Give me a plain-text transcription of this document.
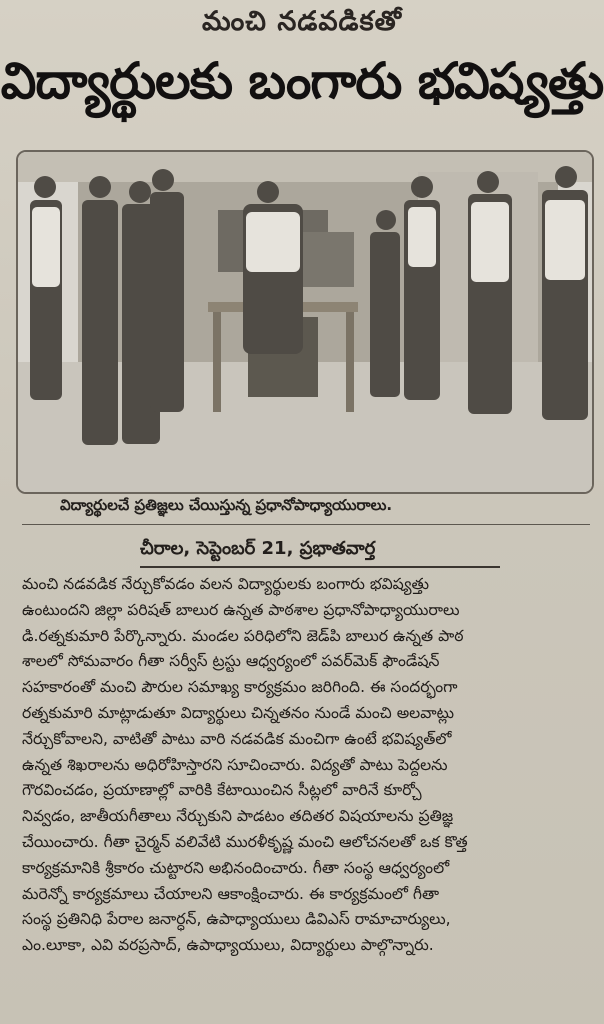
మంచి నడవడికతో
విద్యార్థులకు బంగారు భవిష్యత్తు
విద్యార్థులచే ప్రతిజ్ఞలు చేయిస్తున్న ప్రధానోపాధ్యాయురాలు.
చీరాల, సెప్టెంబర్ 21, ప్రభాతవార్త
మంచి నడవడిక నేర్చుకోవడం వలన విద్యార్థులకు బంగారు భవిష్యత్తు
ఉంటుందని జిల్లా పరిషత్ బాలుర ఉన్నత పాఠశాల ప్రధానోపాధ్యాయురాలు
డి.రత్నకుమారి పేర్కొన్నారు. మండల పరిధిలోని జెడ్‌పి బాలుర ఉన్నత పాఠ
శాలలో సోమవారం గీతా సర్వీస్ ట్రస్టు ఆధ్వర్యంలో పవర్‌మెక్ ఫౌండేషన్
సహకారంతో మంచి పౌరుల సమాఖ్య కార్యక్రమం జరిగింది. ఈ సందర్భంగా
రత్నకుమారి మాట్లాడుతూ విద్యార్థులు చిన్నతనం నుండే మంచి అలవాట్లు
నేర్చుకోవాలని, వాటితో పాటు వారి నడవడిక మంచిగా ఉంటే భవిష్యత్‌లో
ఉన్నత శిఖరాలను అధిరోహిస్తారని సూచించారు. విద్యతో పాటు పెద్దలను
గౌరవించడం, ప్రయాణాల్లో వారికి కేటాయించిన సీట్లలో వారినే కూర్చో
నివ్వడం, జాతీయగీతాలు నేర్చుకుని పాడటం తదితర విషయాలను ప్రతిజ్ఞ
చేయించారు. గీతా చైర్మన్ వలివేటి మురళీకృష్ణ మంచి ఆలోచనలతో ఒక కొత్త
కార్యక్రమానికి శ్రీకారం చుట్టారని అభినందించారు. గీతా సంస్థ ఆధ్వర్యంలో
మరెన్నో కార్యక్రమాలు చేయాలని ఆకాంక్షించారు. ఈ కార్యక్రమంలో గీతా
సంస్థ ప్రతినిధి పేరాల జనార్ధన్, ఉపాధ్యాయులు డివిఎస్ రామాచార్యులు,
ఎం.లూకా, ఎవి వరప్రసాద్, ఉపాధ్యాయులు, విద్యార్థులు పాల్గొన్నారు.
